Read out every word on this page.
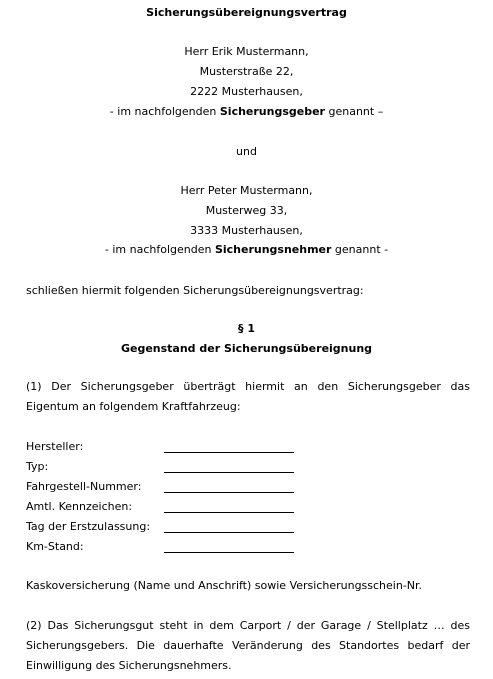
Sicherungsübereignungsvertrag
Herr Erik Mustermann,
Musterstraße 22,
2222 Musterhausen,
- im nachfolgenden Sicherungsgeber genannt –
und
Herr Peter Mustermann,
Musterweg 33,
3333 Musterhausen,
- im nachfolgenden Sicherungsnehmer genannt -
schließen hiermit folgenden Sicherungsübereignungsvertrag:
§ 1
Gegenstand der Sicherungsübereignung
(1) Der Sicherungsgeber überträgt hiermit an den Sicherungsgeber das Eigentum an folgendem Kraftfahrzeug:
Hersteller:
Typ:
Fahrgestell-Nummer:
Amtl. Kennzeichen:
Tag der Erstzulassung:
Km-Stand:
Kaskoversicherung (Name und Anschrift) sowie Versicherungsschein-Nr.
(2) Das Sicherungsgut steht in dem Carport / der Garage / Stellplatz … des Sicherungsgebers. Die dauerhafte Veränderung des Standortes bedarf der Einwilligung des Sicherungsnehmers.
